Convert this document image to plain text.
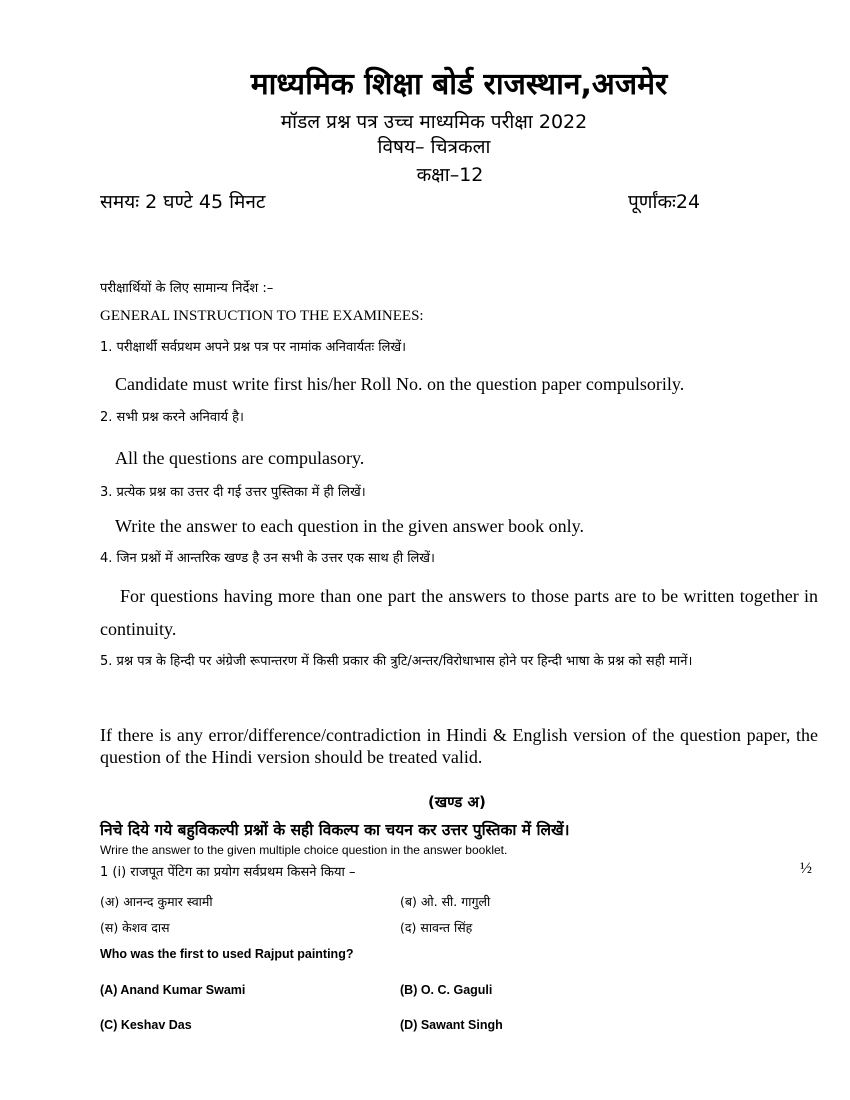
माध्यमिक शिक्षा बोर्ड राजस्थान,अजमेर
मॉडल प्रश्न पत्र उच्च माध्यमिक परीक्षा 2022
विषय– चित्रकला
कक्षा–12
समयः 2 घण्टे 45 मिनट	पूर्णांकः24
परीक्षार्थियों के लिए सामान्य निर्देश :–
GENERAL INSTRUCTION TO THE EXAMINEES:
1. परीक्षार्थी सर्वप्रथम अपने प्रश्न पत्र पर नामांक अनिवार्यतः लिखें।
Candidate must write first his/her Roll No. on the question paper compulsorily.
2. सभी प्रश्न करने अनिवार्य है।
All the questions are compulasory.
3. प्रत्येक प्रश्न का उत्तर दी गई उत्तर पुस्तिका में ही लिखें।
Write the answer to each question in the given answer book only.
4. जिन प्रश्नों में आन्तरिक खण्ड है उन सभी के उत्तर एक साथ ही लिखें।
For questions having more than one part the answers to those parts are to be written together in continuity.
5. प्रश्न पत्र के हिन्दी पर अंग्रेजी रूपान्तरण में किसी प्रकार की त्रुटि/अन्तर/विरोधाभास होने पर हिन्दी भाषा के प्रश्न को सही मानें।
If there is any error/difference/contradiction in Hindi & English version of the question paper, the question of the Hindi version should be treated valid.
(खण्ड अ)
निचे दिये गये बहुविकल्पी प्रश्नों के सही विकल्प का चयन कर उत्तर पुस्तिका में लिखें।
Wrire the answer to the given multiple choice question in the answer booklet.
1 (i) राजपूत पेंटिग का प्रयोग सर्वप्रथम किसने किया –	½
(अ) आनन्द कुमार स्वामी	(ब) ओ. सी. गागुली
(स) केशव दास	(द) सावन्त सिंह
Who was the first to used Rajput painting?
(A) Anand Kumar Swami	(B) O. C. Gaguli
(C) Keshav Das	(D) Sawant Singh
